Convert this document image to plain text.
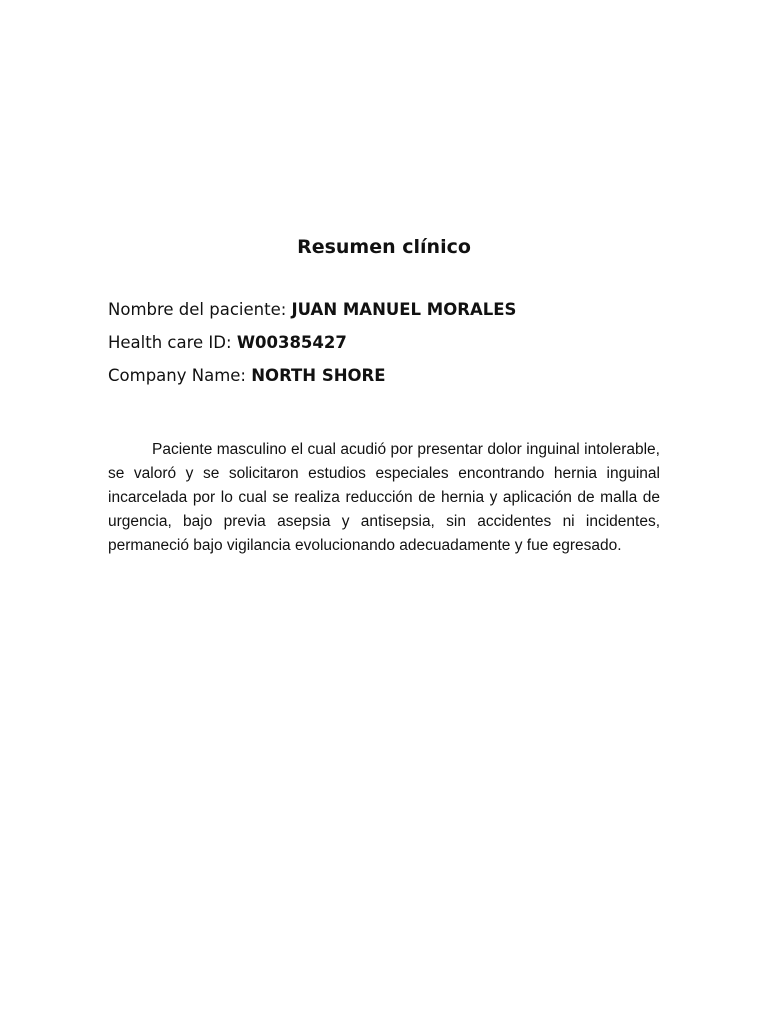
Resumen clínico

Nombre del paciente: JUAN MANUEL MORALES

Health care ID: W00385427

Company Name: NORTH SHORE

Paciente masculino el cual acudió por presentar dolor inguinal intolerable, se valoró y se solicitaron estudios especiales encontrando hernia inguinal incarcelada por lo cual se realiza reducción de hernia y aplicación de malla de urgencia, bajo previa asepsia y antisepsia, sin accidentes ni incidentes, permaneció bajo vigilancia evolucionando adecuadamente y fue egresado.
